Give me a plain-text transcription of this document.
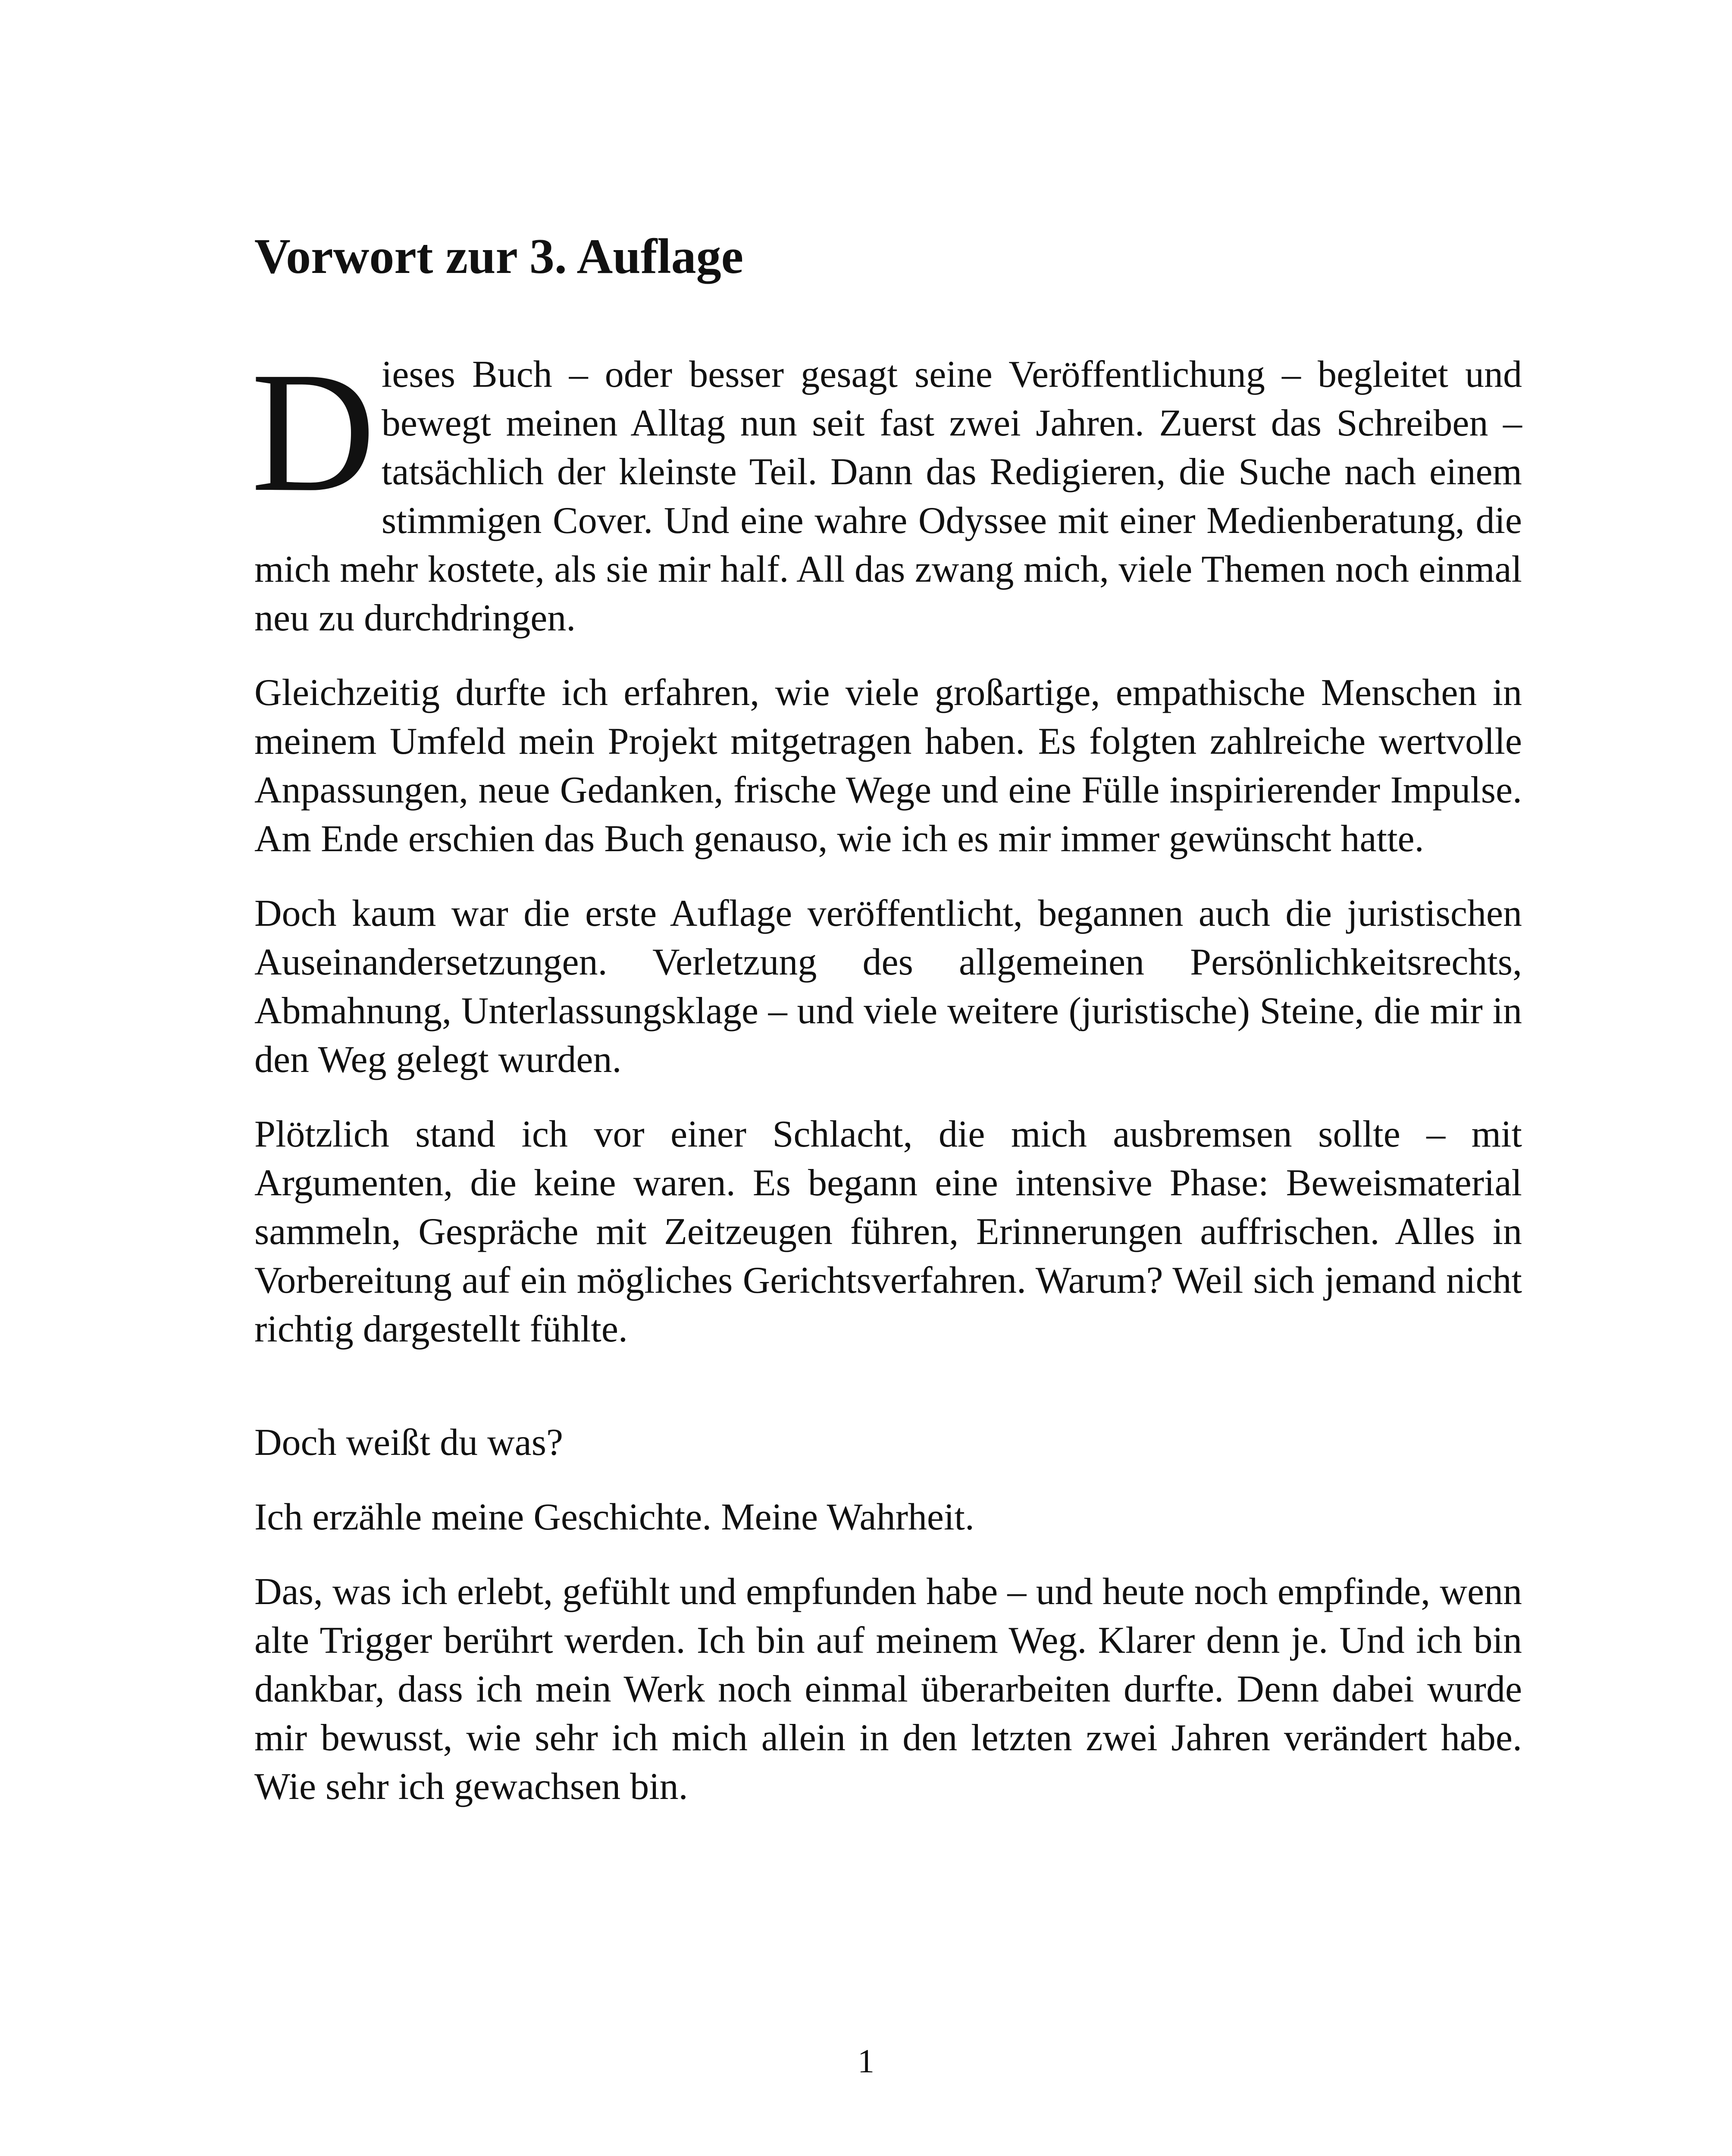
Vorwort zur 3. Auflage

Dieses Buch – oder besser gesagt seine Veröffentlichung – begleitet und bewegt meinen Alltag nun seit fast zwei Jahren. Zuerst das Schreiben – tatsächlich der kleinste Teil. Dann das Redigieren, die Suche nach einem stimmigen Cover. Und eine wahre Odyssee mit einer Medienberatung, die mich mehr kostete, als sie mir half. All das zwang mich, viele Themen noch einmal neu zu durchdringen.

Gleichzeitig durfte ich erfahren, wie viele großartige, empathische Menschen in meinem Umfeld mein Projekt mitgetragen haben. Es folgten zahlreiche wertvolle Anpassungen, neue Gedanken, frische Wege und eine Fülle inspirierender Impulse. Am Ende erschien das Buch genauso, wie ich es mir immer gewünscht hatte.

Doch kaum war die erste Auflage veröffentlicht, begannen auch die juristischen Auseinandersetzungen. Verletzung des allgemeinen Persönlichkeitsrechts, Abmahnung, Unterlassungsklage – und viele weitere (juristische) Steine, die mir in den Weg gelegt wurden.

Plötzlich stand ich vor einer Schlacht, die mich ausbremsen sollte – mit Argumenten, die keine waren. Es begann eine intensive Phase: Beweismaterial sammeln, Gespräche mit Zeitzeugen führen, Erinnerungen auffrischen. Alles in Vorbereitung auf ein mögliches Gerichtsverfahren. Warum? Weil sich jemand nicht richtig dargestellt fühlte.

Doch weißt du was?

Ich erzähle meine Geschichte. Meine Wahrheit.

Das, was ich erlebt, gefühlt und empfunden habe – und heute noch empfinde, wenn alte Trigger berührt werden. Ich bin auf meinem Weg. Klarer denn je. Und ich bin dankbar, dass ich mein Werk noch einmal überarbeiten durfte. Denn dabei wurde mir bewusst, wie sehr ich mich allein in den letzten zwei Jahren verändert habe. Wie sehr ich gewachsen bin.

1
